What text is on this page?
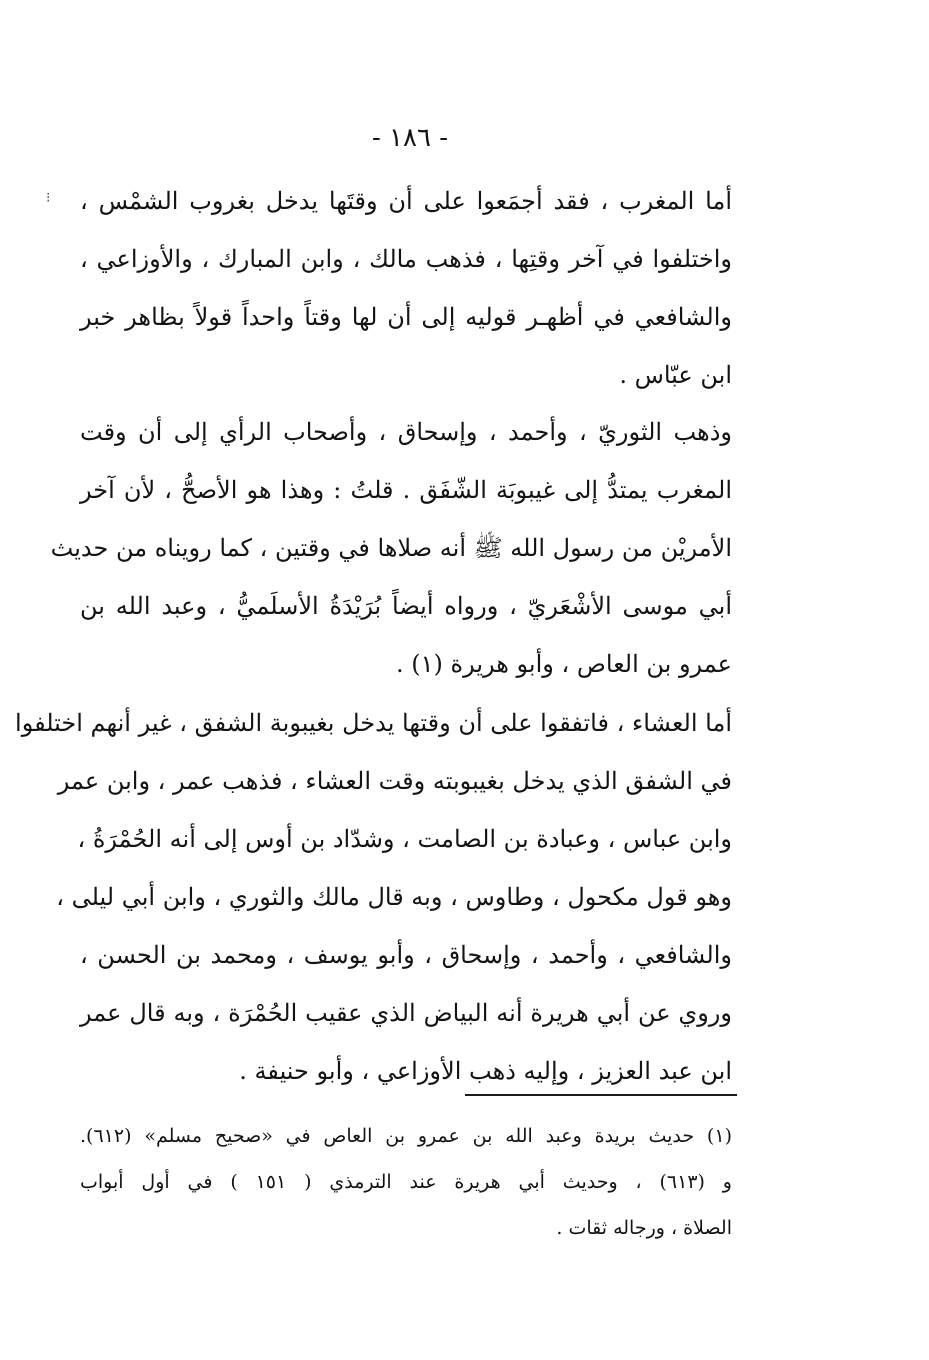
- ١٨٦ -
⁝ أما المغرب ، فقد أجمَعوا على أن وقتَها يدخل بغروب الشمْس ،
واختلفوا في آخر وقتِها ، فذهب مالك ، وابن المبارك ، والأوزاعي ،
والشافعي في أظهـر قوليه إلى أن لها وقتاً واحداً قولاً بظاهر خبر
ابن عبّاس .
وذهب الثوريّ ، وأحمد ، وإسحاق ، وأصحاب الرأي إلى أن وقت
المغرب يمتدُّ إلى غيبوبَة الشّفَق . قلتُ : وهذا هو الأصحُّ ، لأن آخر
الأمريْن من رسول الله ﷺ أنه صلاها في وقتين ، كما رويناه من حديث
أبي موسى الأشْعَريّ ، ورواه أيضاً بُرَيْدَةُ الأسلَميُّ ، وعبد الله بن
عمرو بن العاص ، وأبو هريرة (١) .
أما العشاء ، فاتفقوا على أن وقتها يدخل بغيبوبة الشفق ، غير أنهم اختلفوا
في الشفق الذي يدخل بغيبوبته وقت العشاء ، فذهب عمر ، وابن عمر
وابن عباس ، وعبادة بن الصامت ، وشدّاد بن أوس إلى أنه الحُمْرَةُ ،
وهو قول مكحول ، وطاوس ، وبه قال مالك والثوري ، وابن أبي ليلى ،
والشافعي ، وأحمد ، وإسحاق ، وأبو يوسف ، ومحمد بن الحسن ،
وروي عن أبي هريرة أنه البياض الذي عقيب الحُمْرَة ، وبه قال عمر
ابن عبد العزيز ، وإليه ذهب الأوزاعي ، وأبو حنيفة .
(١) حديث بريدة وعبد الله بن عمرو بن العاص في «صحيح مسلم» (٦١٢).
و (٦١٣) ، وحديث أبي هريرة عند الترمذي ( ١٥١ ) في أول أبواب
الصلاة ، ورجاله ثقات .
